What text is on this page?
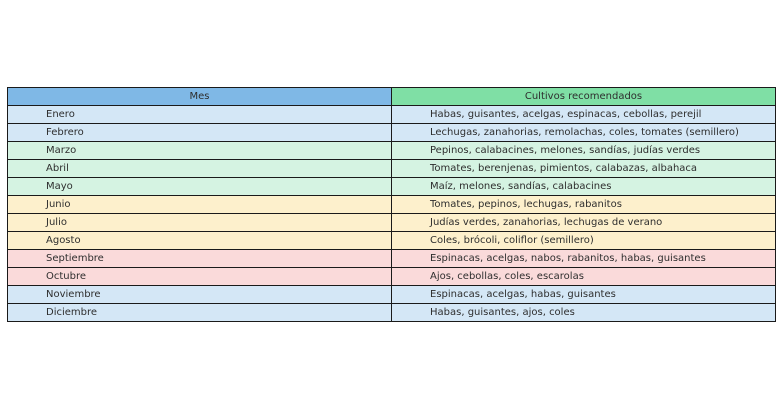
Mes	Cultivos recomendados
Enero	Habas, guisantes, acelgas, espinacas, cebollas, perejil
Febrero	Lechugas, zanahorias, remolachas, coles, tomates (semillero)
Marzo	Pepinos, calabacines, melones, sandías, judías verdes
Abril	Tomates, berenjenas, pimientos, calabazas, albahaca
Mayo	Maíz, melones, sandías, calabacines
Junio	Tomates, pepinos, lechugas, rabanitos
Julio	Judías verdes, zanahorias, lechugas de verano
Agosto	Coles, brócoli, coliflor (semillero)
Septiembre	Espinacas, acelgas, nabos, rabanitos, habas, guisantes
Octubre	Ajos, cebollas, coles, escarolas
Noviembre	Espinacas, acelgas, habas, guisantes
Diciembre	Habas, guisantes, ajos, coles
